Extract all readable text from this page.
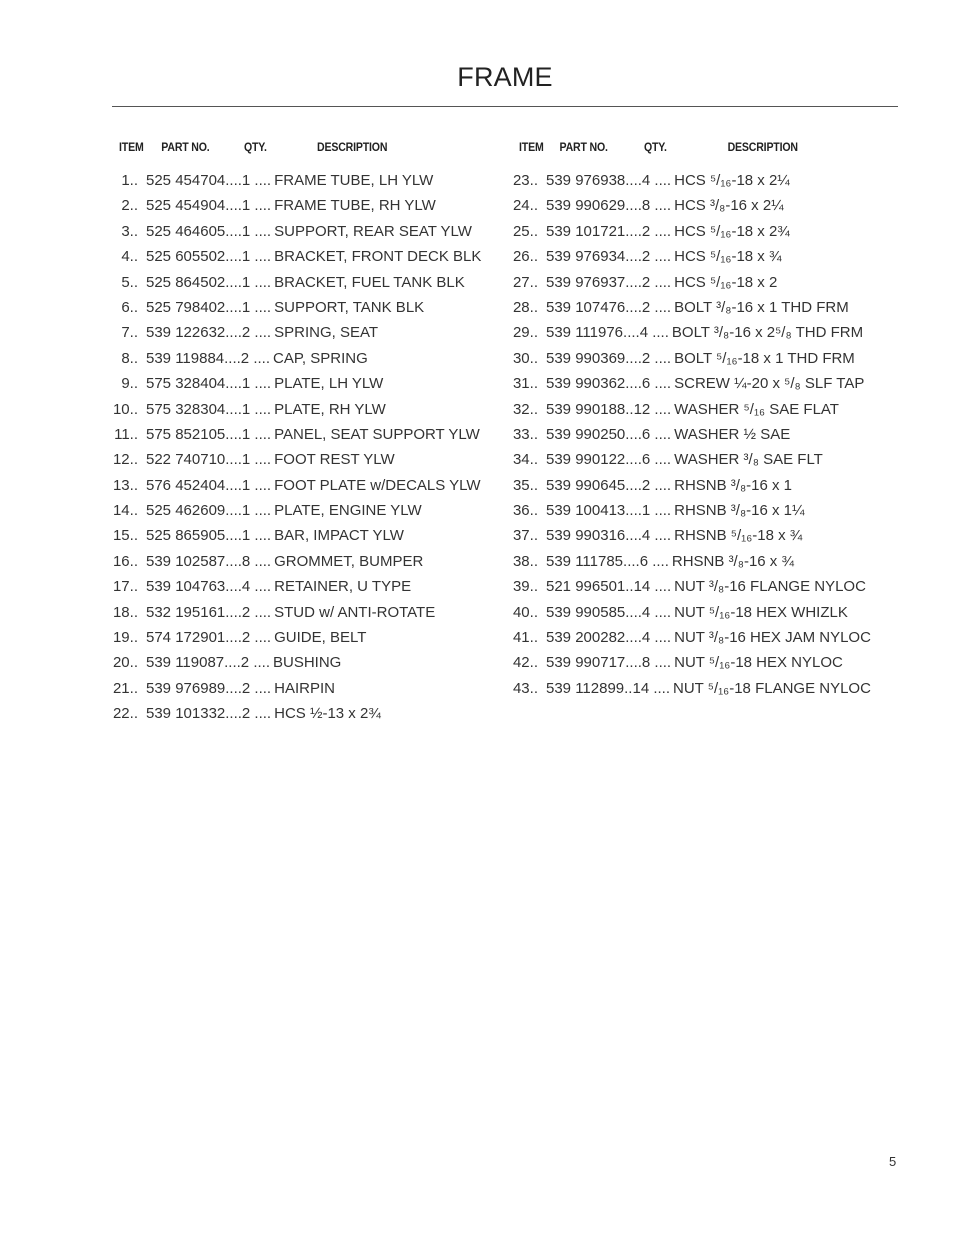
FRAME
ITEM PART NO.	QTY.	DESCRIPTION
1.. 525 454704 ....1 .... FRAME TUBE, LH YLW
2.. 525 454904 ....1 .... FRAME TUBE, RH YLW
3.. 525 464605 ....1 .... SUPPORT, REAR SEAT YLW
4.. 525 605502 ....1 .... BRACKET, FRONT DECK BLK
5.. 525 864502 ....1 .... BRACKET, FUEL TANK BLK
6.. 525 798402 ....1 .... SUPPORT, TANK BLK
7.. 539 122632 ....2 .... SPRING, SEAT
8.. 539 119884 ....2 .... CAP, SPRING
9.. 575 328404 ....1 .... PLATE, LH YLW
10.. 575 328304 ....1 .... PLATE, RH YLW
11.. 575 852105 ....1 .... PANEL, SEAT SUPPORT YLW
12.. 522 740710 ....1 .... FOOT REST YLW
13.. 576 452404 ....1 .... FOOT PLATE w/DECALS YLW
14.. 525 462609 ....1 .... PLATE, ENGINE YLW
15.. 525 865905 ....1 .... BAR, IMPACT YLW
16.. 539 102587 ....8 .... GROMMET, BUMPER
17.. 539 104763 ....4 .... RETAINER, U TYPE
18.. 532 195161 ....2 .... STUD w/ ANTI-ROTATE
19.. 574 172901 ....2 .... GUIDE, BELT
20.. 539 119087 ....2 .... BUSHING
21.. 539 976989 ....2 .... HAIRPIN
22.. 539 101332 ....2 .... HCS ½-13 x 2¾
ITEM PART NO.	QTY.	DESCRIPTION
23.. 539 976938 ....4 .... HCS ⁵/₁₆-18 x 2¼
24.. 539 990629 ....8 .... HCS ³/₈-16 x 2¼
25.. 539 101721 ....2 .... HCS ⁵/₁₆-18 x 2¾
26.. 539 976934 ....2 .... HCS ⁵/₁₆-18 x ¾
27.. 539 976937 ....2 .... HCS ⁵/₁₆-18 x 2
28.. 539 107476 ....2 .... BOLT ³/₈-16 x 1 THD FRM
29.. 539 111976 ....4 .... BOLT ³/₈-16 x 2⁵/₈ THD FRM
30.. 539 990369 ....2 .... BOLT ⁵/₁₆-18 x 1 THD FRM
31.. 539 990362 ....6 .... SCREW ¼-20 x ⁵/₈ SLF TAP
32.. 539 990188 ..12 .... WASHER ⁵/₁₆ SAE FLAT
33.. 539 990250 ....6 .... WASHER ½ SAE
34.. 539 990122 ....6 .... WASHER ³/₈ SAE FLT
35.. 539 990645 ....2 .... RHSNB ³/₈-16 x 1
36.. 539 100413 ....1 .... RHSNB ³/₈-16 x 1¼
37.. 539 990316 ....4 .... RHSNB ⁵/₁₆-18 x ¾
38.. 539 111785 ....6 .... RHSNB ³/₈-16 x ¾
39.. 521 996501 ..14 .... NUT ³/₈-16 FLANGE NYLOC
40.. 539 990585 ....4 .... NUT ⁵/₁₆-18 HEX WHIZLK
41.. 539 200282 ....4 .... NUT ³/₈-16 HEX JAM NYLOC
42.. 539 990717 ....8 .... NUT ⁵/₁₆-18 HEX NYLOC
43.. 539 112899 ..14 .... NUT ⁵/₁₆-18 FLANGE NYLOC
5
